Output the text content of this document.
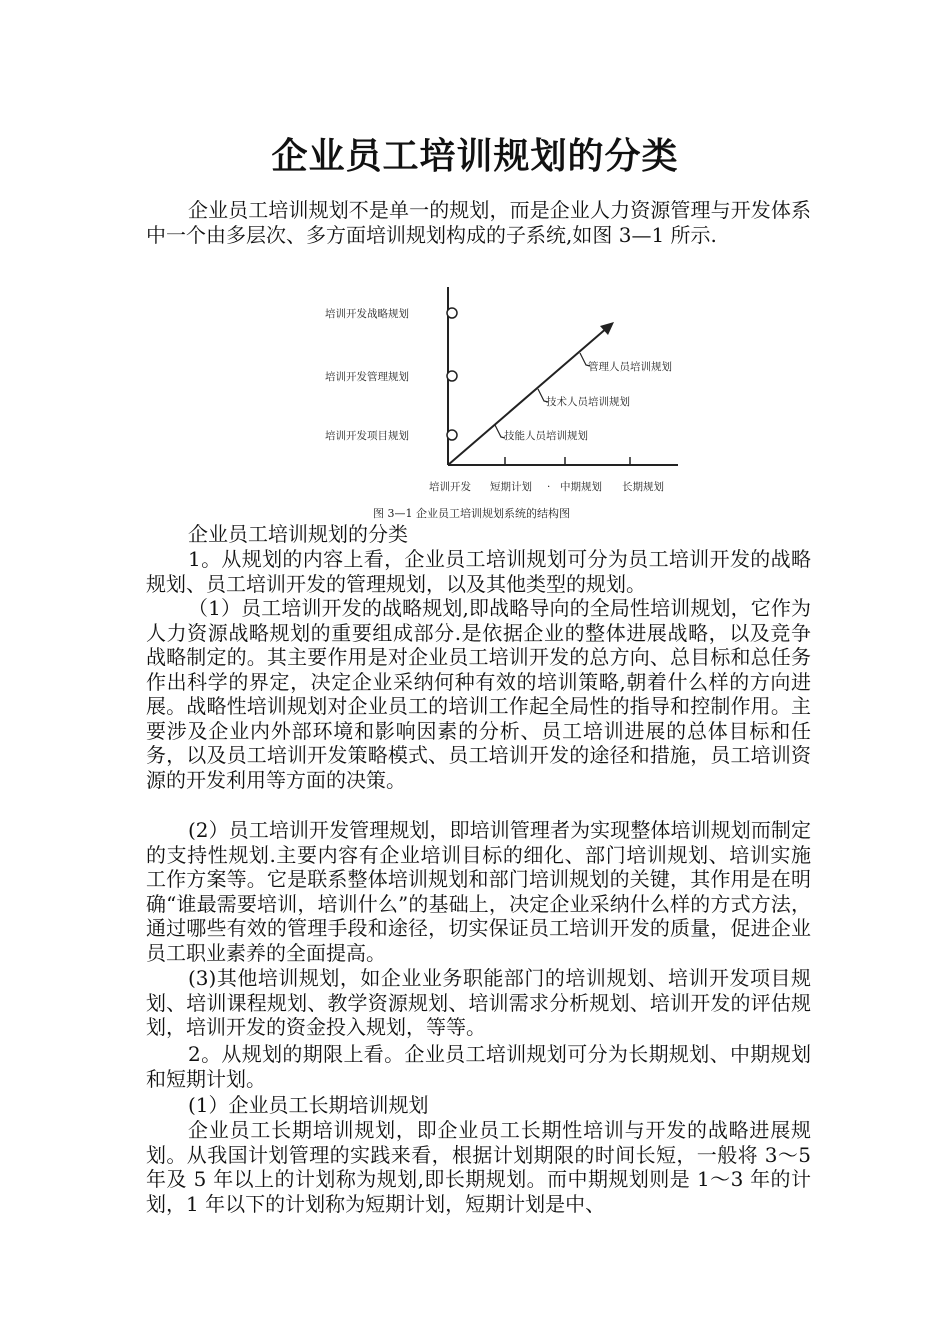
企业员工培训规划的分类

企业员工培训规划不是单一的规划，而是企业人力资源管理与开发体系中一个由多层次、多方面培训规划构成的子系统,如图 3—1 所示.

培训开发战略规划
培训开发管理规划
培训开发项目规划
管理人员培训规划
技术人员培训规划
技能人员培训规划
培训开发 短期计划 · 中期规划 长期规划
图 3—1 企业员工培训规划系统的结构图

企业员工培训规划的分类

1。从规划的内容上看，企业员工培训规划可分为员工培训开发的战略规划、员工培训开发的管理规划，以及其他类型的规划。

（1）员工培训开发的战略规划,即战略导向的全局性培训规划，它作为人力资源战略规划的重要组成部分.是依据企业的整体进展战略，以及竞争战略制定的。其主要作用是对企业员工培训开发的总方向、总目标和总任务作出科学的界定，决定企业采纳何种有效的培训策略,朝着什么样的方向进展。战略性培训规划对企业员工的培训工作起全局性的指导和控制作用。主要涉及企业内外部环境和影响因素的分析、员工培训进展的总体目标和任务，以及员工培训开发策略模式、员工培训开发的途径和措施，员工培训资源的开发利用等方面的决策。

(2）员工培训开发管理规划，即培训管理者为实现整体培训规划而制定的支持性规划.主要内容有企业培训目标的细化、部门培训规划、培训实施工作方案等。它是联系整体培训规划和部门培训规划的关键，其作用是在明确“谁最需要培训，培训什么”的基础上，决定企业采纳什么样的方式方法，通过哪些有效的管理手段和途径，切实保证员工培训开发的质量，促进企业员工职业素养的全面提高。

(3)其他培训规划，如企业业务职能部门的培训规划、培训开发项目规划、培训课程规划、教学资源规划、培训需求分析规划、培训开发的评估规划，培训开发的资金投入规划，等等。

2。从规划的期限上看。企业员工培训规划可分为长期规划、中期规划和短期计划。

(1）企业员工长期培训规划

企业员工长期培训规划，即企业员工长期性培训与开发的战略进展规划。从我国计划管理的实践来看，根据计划期限的时间长短，一般将 3～5 年及 5 年以上的计划称为规划,即长期规划。而中期规划则是 1～3 年的计 划，1 年以下的计划称为短期计划，短期计划是中、
